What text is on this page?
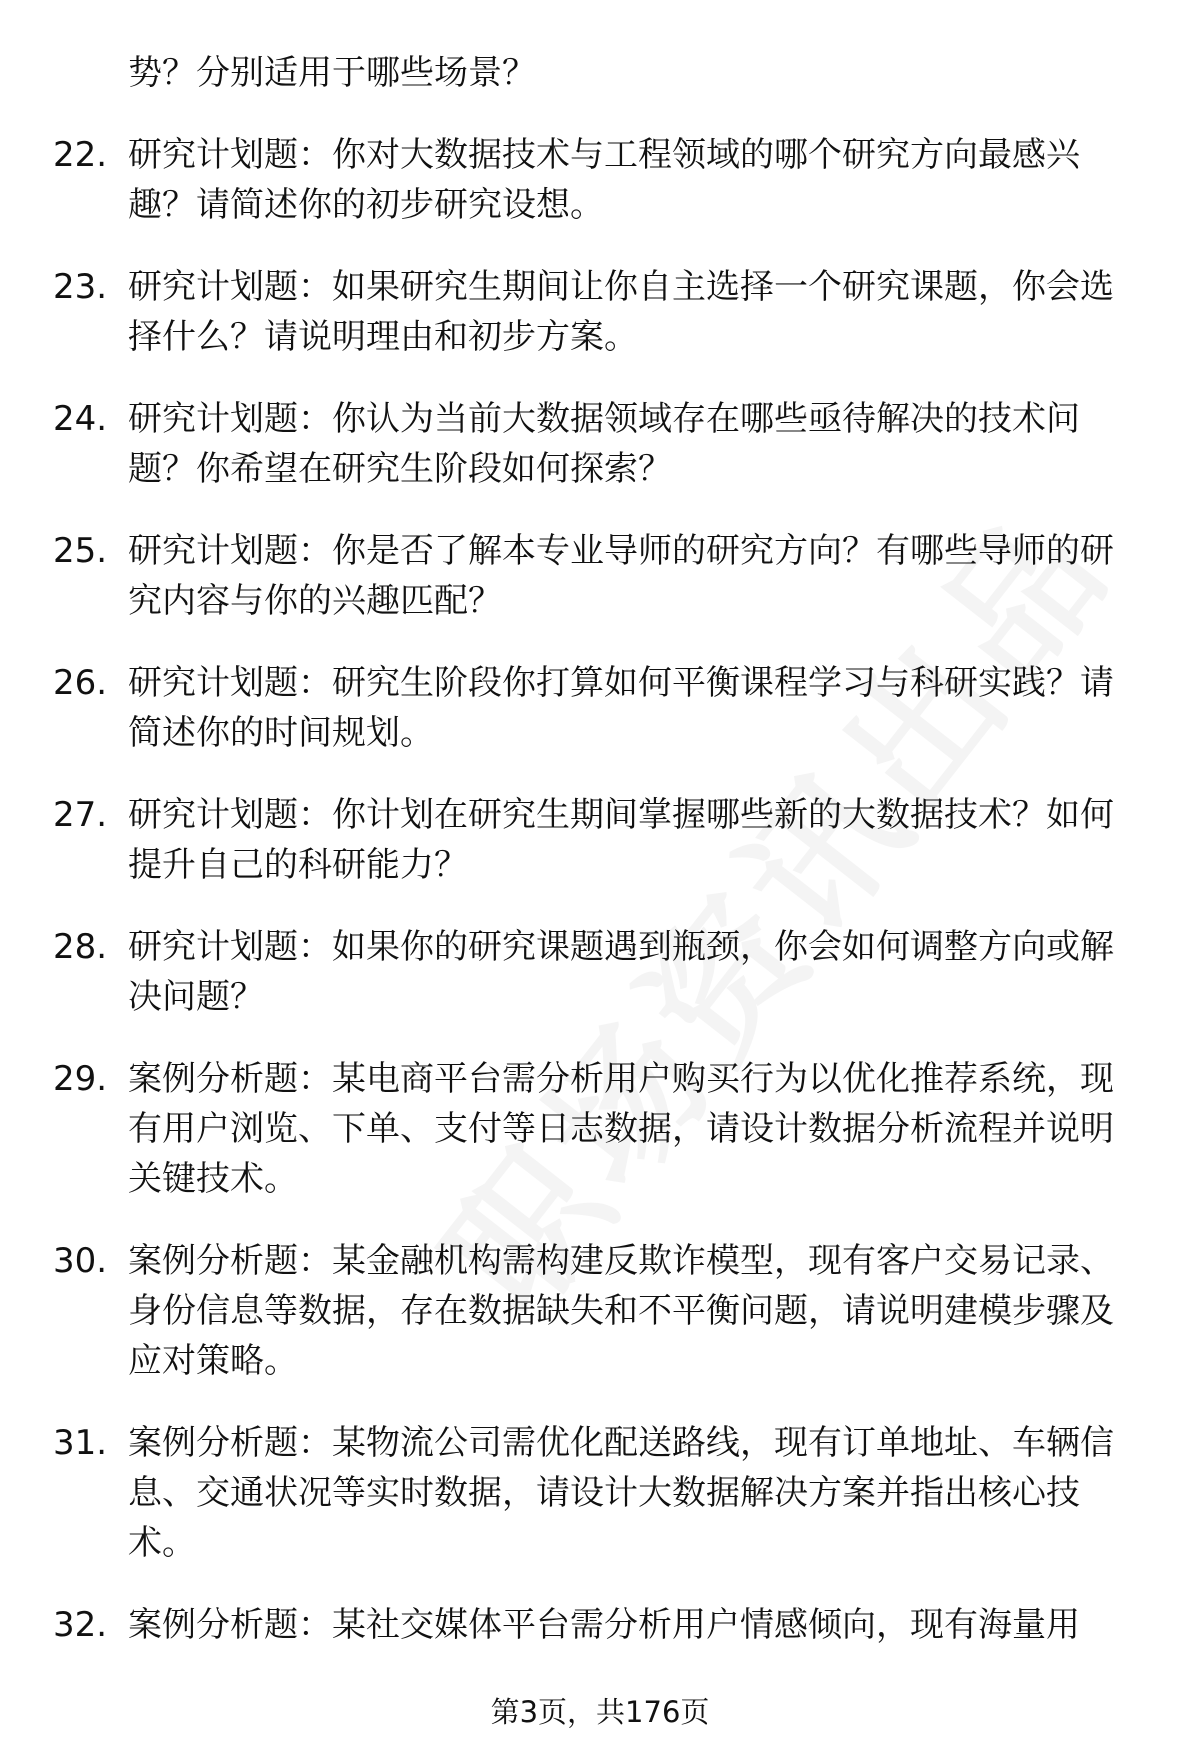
势？分别适用于哪些场景？
22. 研究计划题：你对大数据技术与工程领域的哪个研究方向最感兴趣？请简述你的初步研究设想。
23. 研究计划题：如果研究生期间让你自主选择一个研究课题，你会选择什么？请说明理由和初步方案。
24. 研究计划题：你认为当前大数据领域存在哪些亟待解决的技术问题？你希望在研究生阶段如何探索？
25. 研究计划题：你是否了解本专业导师的研究方向？有哪些导师的研究内容与你的兴趣匹配？
26. 研究计划题：研究生阶段你打算如何平衡课程学习与科研实践？请简述你的时间规划。
27. 研究计划题：你计划在研究生期间掌握哪些新的大数据技术？如何提升自己的科研能力？
28. 研究计划题：如果你的研究课题遇到瓶颈，你会如何调整方向或解决问题？
29. 案例分析题：某电商平台需分析用户购买行为以优化推荐系统，现有用户浏览、下单、支付等日志数据，请设计数据分析流程并说明关键技术。
30. 案例分析题：某金融机构需构建反欺诈模型，现有客户交易记录、身份信息等数据，存在数据缺失和不平衡问题，请说明建模步骤及应对策略。
31. 案例分析题：某物流公司需优化配送路线，现有订单地址、车辆信息、交通状况等实时数据，请设计大数据解决方案并指出核心技术。
32. 案例分析题：某社交媒体平台需分析用户情感倾向，现有海量用
第3页，共176页
